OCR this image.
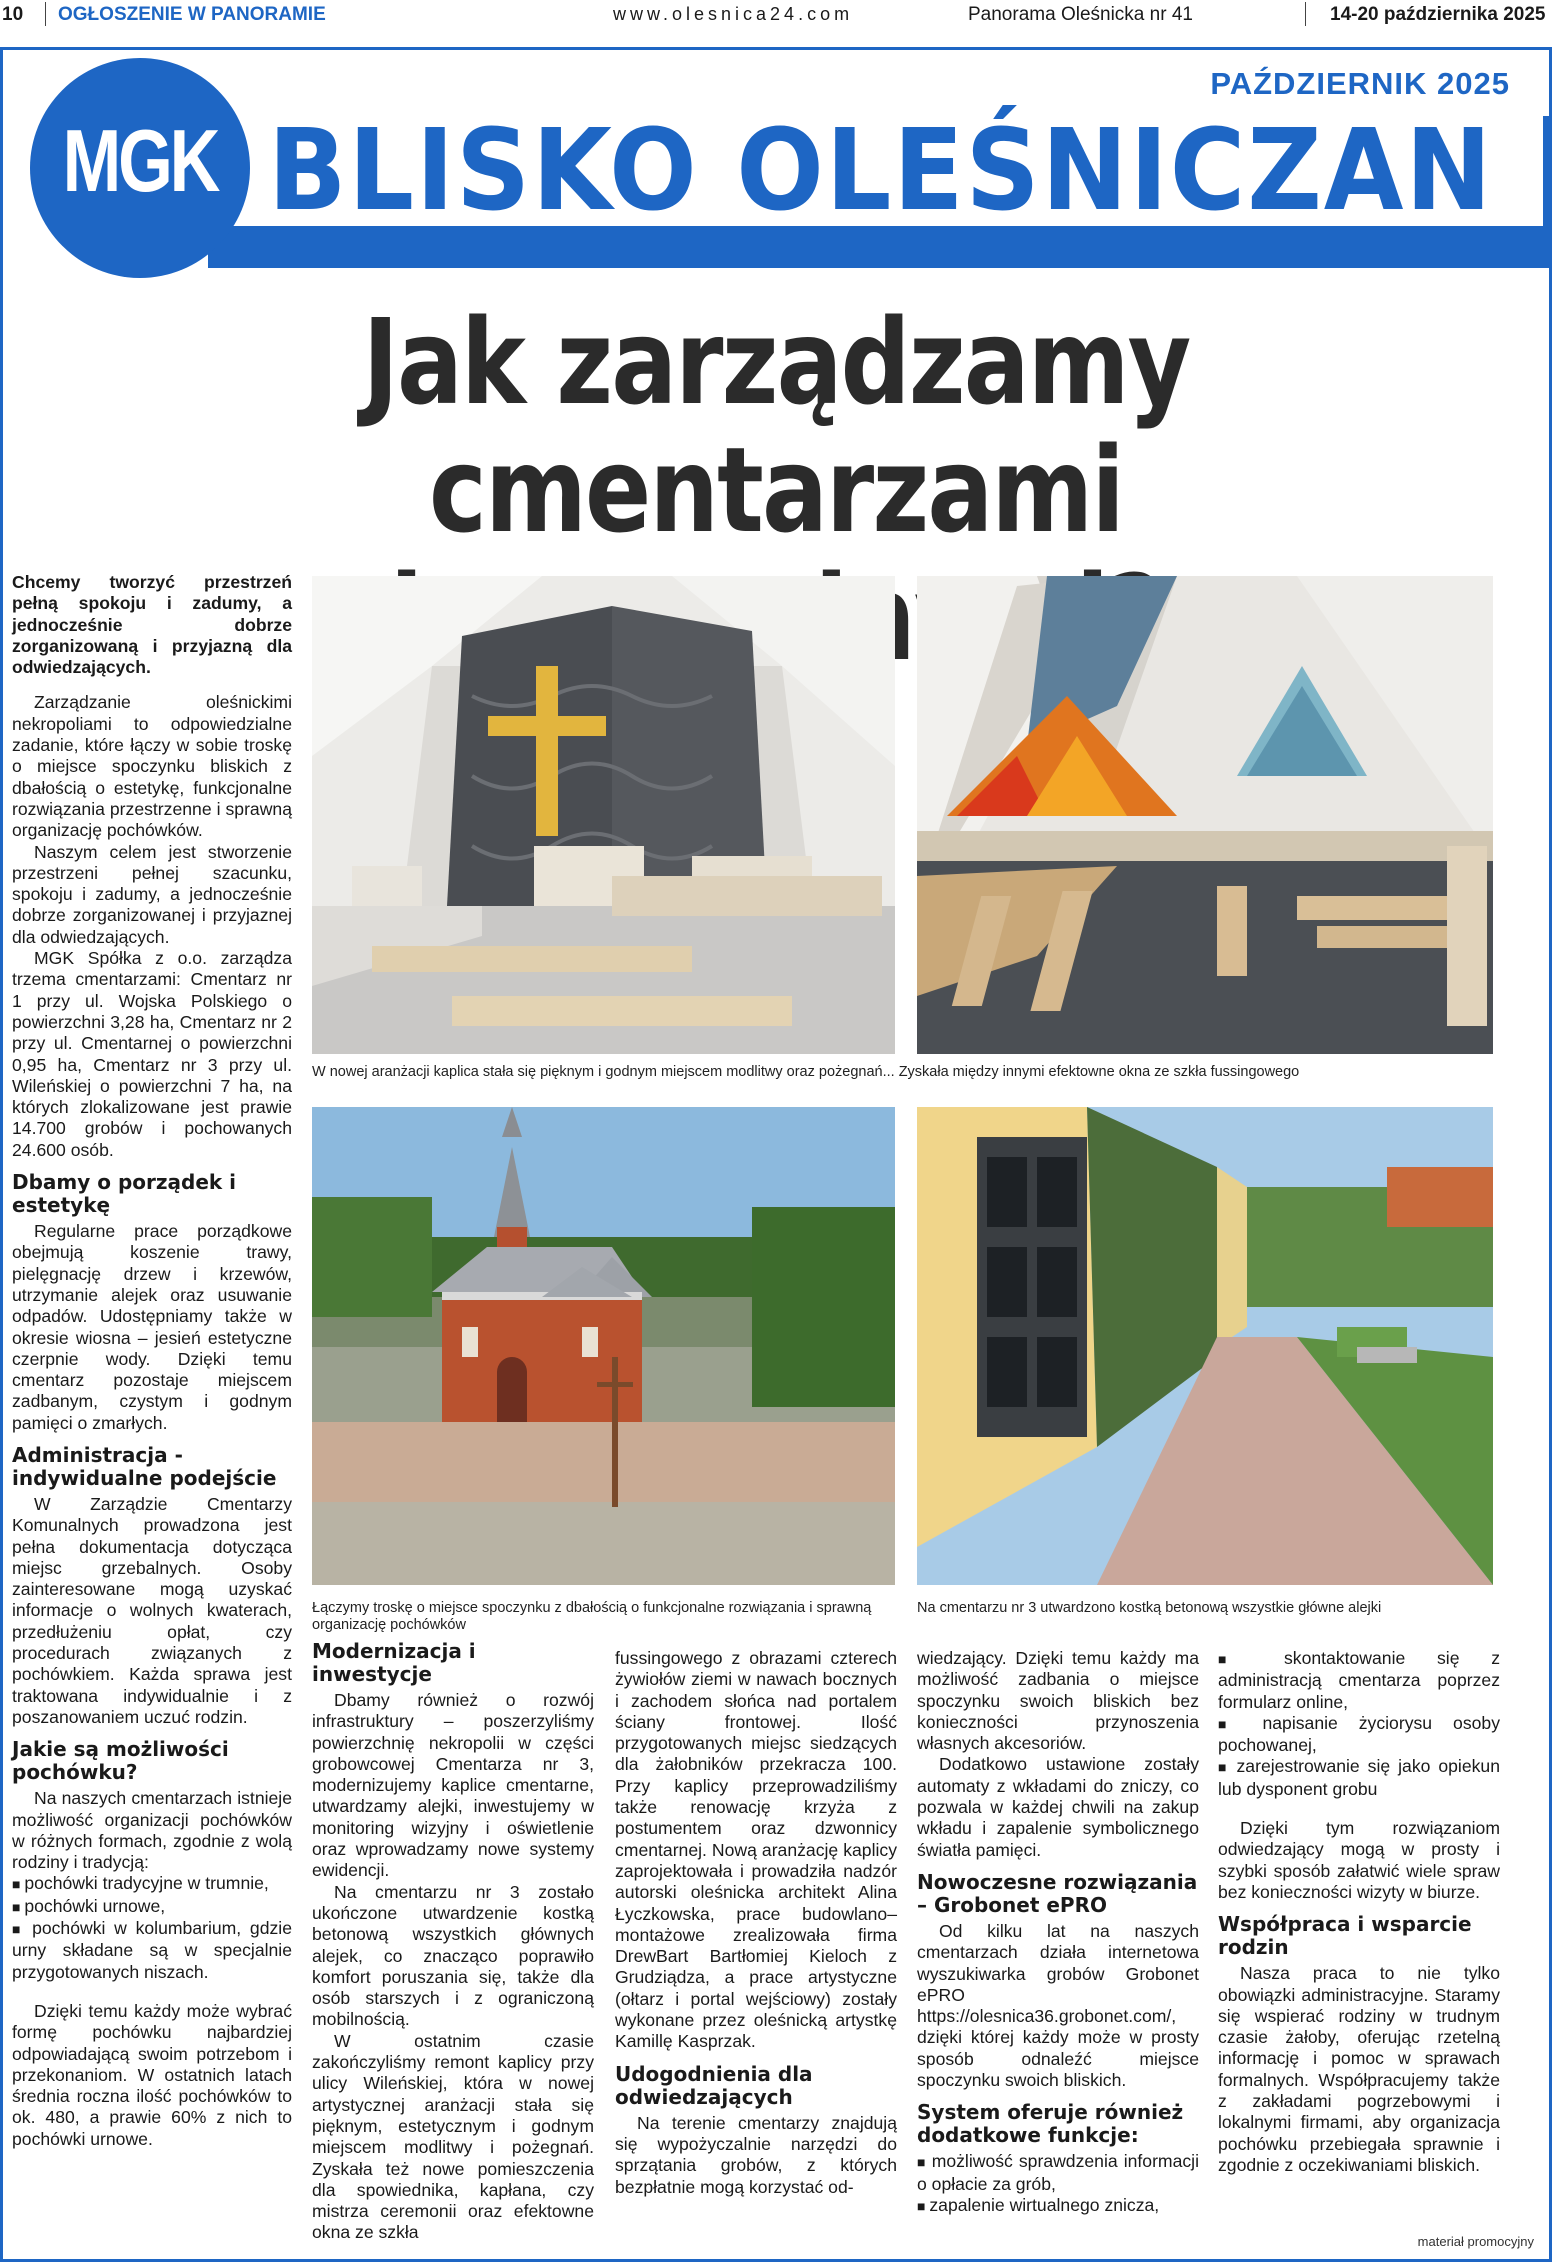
10 OGŁOSZENIE W PANORAMIE	www.olesnica24.com	Panorama Oleśnicka nr 41	14-20 października 2025
MGK
PAŹDZIERNIK 2025
BLISKO OLEŚNICZAN
Jak zarządzamy
cmentarzami
W nowej aranżacji kaplica stała się pięknym i godnym miejscem modlitwy oraz pożegnań... Zyskała między innymi efektowne okna ze szkła fussingowego
Łączymy troskę o miejsce spoczynku z dbałością o funkcjonalne rozwiązania i sprawną organizację pochówków
Na cmentarzu nr 3 utwardzono kostką betonową wszystkie główne alejki

Chcemy tworzyć przestrzeń pełną spokoju i zadumy, a jednocześnie dobrze zorganizowaną i przyjazną dla odwiedzających.

Zarządzanie oleśnickimi nekropoliami to odpowiedzialne zadanie, które łączy w sobie troskę o miejsce spoczynku bliskich z dbałością o estetykę, funkcjonalne rozwiązania przestrzenne i sprawną organizację pochówków.

Naszym celem jest stworzenie przestrzeni pełnej szacunku, spokoju i zadumy, a jednocześnie dobrze zorganizowanej i przyjaznej dla odwiedzających.

MGK Spółka z o.o. zarządza trzema cmentarzami: Cmentarz nr 1 przy ul. Wojska Polskiego o powierzchni 3,28 ha, Cmentarz nr 2 przy ul. Cmentarnej o powierzchni 0,95 ha, Cmentarz nr 3 przy ul. Wileńskiej o powierzchni 7 ha, na których zlokalizowane jest prawie 14.700 grobów i pochowanych 24.600 osób.

Dbamy o porządek i estetykę

Regularne prace porządkowe obejmują koszenie trawy, pielęgnację drzew i krzewów, utrzymanie alejek oraz usuwanie odpadów. Udostępniamy także w okresie wiosna – jesień estetyczne czerpnie wody. Dzięki temu cmentarz pozostaje miejscem zadbanym, czystym i godnym pamięci o zmarłych.

Administracja - indywidualne podejście

W Zarządzie Cmentarzy Komunalnych prowadzona jest pełna dokumentacja dotycząca miejsc grzebalnych. Osoby zainteresowane mogą uzyskać informacje o wolnych kwaterach, przedłużeniu opłat, czy procedurach związanych z pochówkiem. Każda sprawa jest traktowana indywidualnie i z poszanowaniem uczuć rodzin.

Jakie są możliwości pochówku?

Na naszych cmentarzach istnieje możliwość organizacji pochówków w różnych formach, zgodnie z wolą rodziny i tradycją:

■ pochówki tradycyjne w trumnie,
■ pochówki urnowe,
■ pochówki w kolumbarium, gdzie urny składane są w specjalnie przygotowanych niszach.

Dzięki temu każdy może wybrać formę pochówku najbardziej odpowiadającą swoim potrzebom i przekonaniom. W ostatnich latach średnia roczna ilość pochówków to ok. 480, a prawie 60% z nich to pochówki urnowe.

Modernizacja i inwestycje

Dbamy również o rozwój infrastruktury – poszerzyliśmy powierzchnię nekropolii w części grobowcowej Cmentarza nr 3, modernizujemy kaplice cmentarne, utwardzamy alejki, inwestujemy w monitoring wizyjny i oświetlenie oraz wprowadzamy nowe systemy ewidencji.

Na cmentarzu nr 3 zostało ukończone utwardzenie kostką betonową wszystkich głównych alejek, co znacząco poprawiło komfort poruszania się, także dla osób starszych i z ograniczoną mobilnością.

W ostatnim czasie zakończyliśmy remont kaplicy przy ulicy Wileńskiej, która w nowej artystycznej aranżacji stała się pięknym, estetycznym i godnym miejscem modlitwy i pożegnań. Zyskała też nowe pomieszczenia dla spowiednika, kapłana, czy mistrza ceremonii oraz efektowne okna ze szkła

fussingowego z obrazami czterech żywiołów ziemi w nawach bocznych i zachodem słońca nad portalem ściany frontowej. Ilość przygotowanych miejsc siedzących dla żałobników przekracza 100. Przy kaplicy przeprowadziliśmy także renowację krzyża z postumentem oraz dzwonnicy cmentarnej. Nową aranżację kaplicy zaprojektowała i prowadziła nadzór autorski oleśnicka architekt Alina Łyczkowska, prace budowlano–montażowe zrealizowała firma DrewBart Bartłomiej Kieloch z Grudziądza, a prace artystyczne (ołtarz i portal wejściowy) zostały wykonane przez oleśnicką artystkę Kamillę Kasprzak.

Udogodnienia dla odwiedzających

Na terenie cmentarzy znajdują się wypożyczalnie narzędzi do sprzątania grobów, z których bezpłatnie mogą korzystać od-

wiedzający. Dzięki temu każdy ma możliwość zadbania o miejsce spoczynku swoich bliskich bez konieczności przynoszenia własnych akcesoriów.

Dodatkowo ustawione zostały automaty z wkładami do zniczy, co pozwala w każdej chwili na zakup wkładu i zapalenie symbolicznego światła pamięci.

Nowoczesne rozwiązania – Grobonet ePRO

Od kilku lat na naszych cmentarzach działa internetowa wyszukiwarka grobów Grobonet ePRO https://olesnica36.grobonet.com/, dzięki której każdy może w prosty sposób odnaleźć miejsce spoczynku swoich bliskich.

System oferuje również dodatkowe funkcje:
■ możliwość sprawdzenia informacji o opłacie za grób,
■ zapalenie wirtualnego znicza,
■ skontaktowanie się z administracją cmentarza poprzez formularz online,
■ napisanie życiorysu osoby pochowanej,
■ zarejestrowanie się jako opiekun lub dysponent grobu

Dzięki tym rozwiązaniom odwiedzający mogą w prosty i szybki sposób załatwić wiele spraw bez konieczności wizyty w biurze.

Współpraca i wsparcie rodzin

Nasza praca to nie tylko obowiązki administracyjne. Staramy się wspierać rodziny w trudnym czasie żałoby, oferując rzetelną informację i pomoc w sprawach formalnych. Współpracujemy także z zakładami pogrzebowymi i lokalnymi firmami, aby organizacja pochówku przebiegała sprawnie i zgodnie z oczekiwaniami bliskich.

materiał promocyjny
